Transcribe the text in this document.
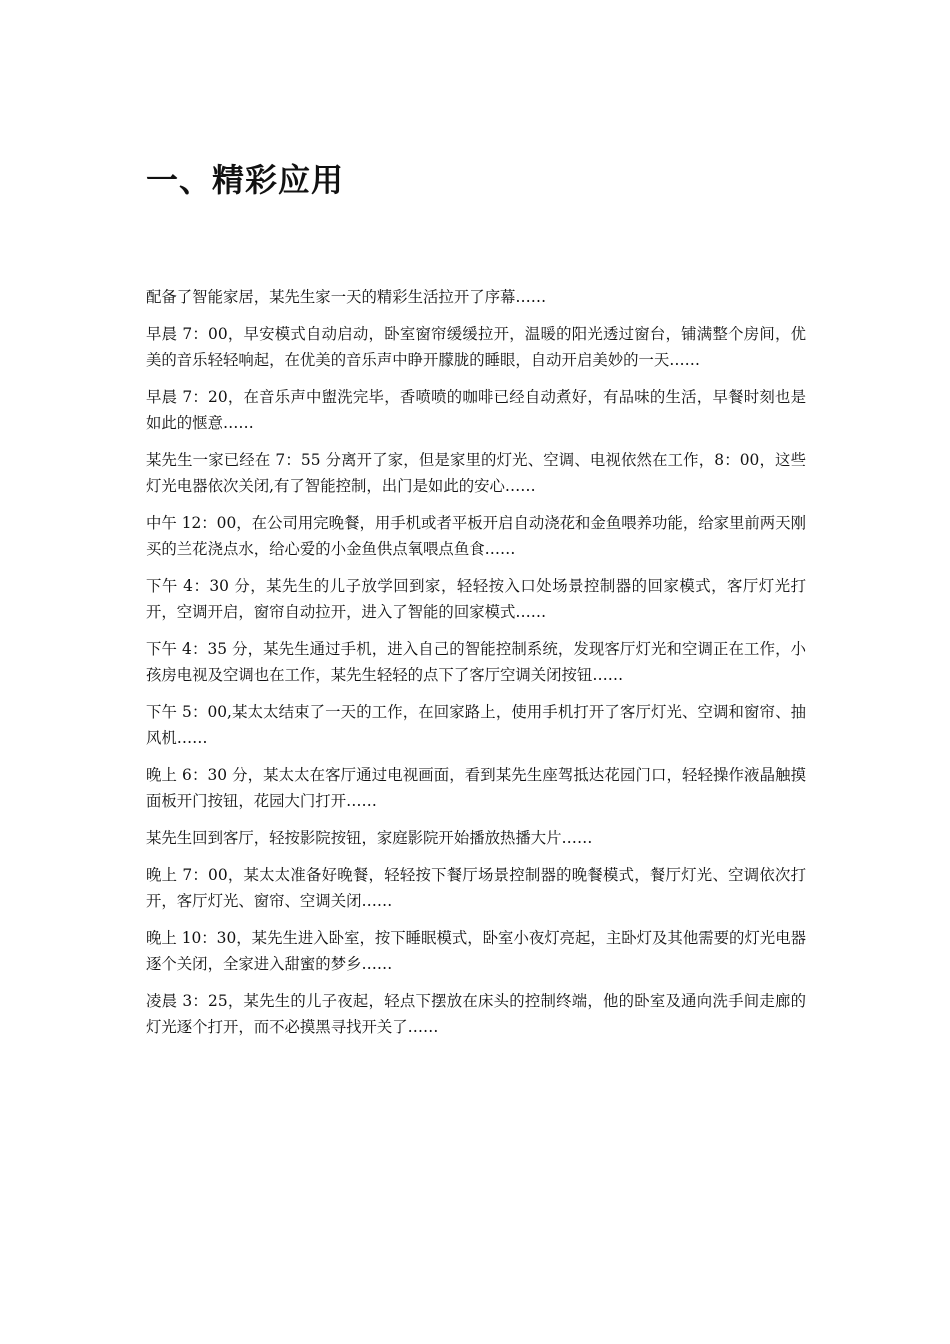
一、精彩应用

配备了智能家居，某先生家一天的精彩生活拉开了序幕……

早晨 7：00，早安模式自动启动，卧室窗帘缓缓拉开，温暖的阳光透过窗台，铺满整个房间，优美的音乐轻轻响起，在优美的音乐声中睁开朦胧的睡眼，自动开启美妙的一天……

早晨 7：20，在音乐声中盥洗完毕，香喷喷的咖啡已经自动煮好，有品味的生活，早餐时刻也是如此的惬意……

某先生一家已经在 7：55 分离开了家，但是家里的灯光、空调、电视依然在工作，8：00，这些灯光电器依次关闭,有了智能控制，出门是如此的安心……

中午 12：00，在公司用完晚餐，用手机或者平板开启自动浇花和金鱼喂养功能，给家里前两天刚买的兰花浇点水，给心爱的小金鱼供点氧喂点鱼食……

下午 4：30 分，某先生的儿子放学回到家，轻轻按入口处场景控制器的回家模式，客厅灯光打开，空调开启，窗帘自动拉开，进入了智能的回家模式……

下午 4：35 分，某先生通过手机，进入自己的智能控制系统，发现客厅灯光和空调正在工作，小孩房电视及空调也在工作，某先生轻轻的点下了客厅空调关闭按钮……

下午 5：00,某太太结束了一天的工作，在回家路上，使用手机打开了客厅灯光、空调和窗帘、抽风机……

晚上 6：30 分，某太太在客厅通过电视画面，看到某先生座驾抵达花园门口，轻轻操作液晶触摸面板开门按钮，花园大门打开……

某先生回到客厅，轻按影院按钮，家庭影院开始播放热播大片……

晚上 7：00，某太太准备好晚餐，轻轻按下餐厅场景控制器的晚餐模式，餐厅灯光、空调依次打开，客厅灯光、窗帘、空调关闭……

晚上 10：30，某先生进入卧室，按下睡眠模式，卧室小夜灯亮起，主卧灯及其他需要的灯光电器逐个关闭，全家进入甜蜜的梦乡……

凌晨 3：25，某先生的儿子夜起，轻点下摆放在床头的控制终端，他的卧室及通向洗手间走廊的灯光逐个打开，而不必摸黑寻找开关了……
